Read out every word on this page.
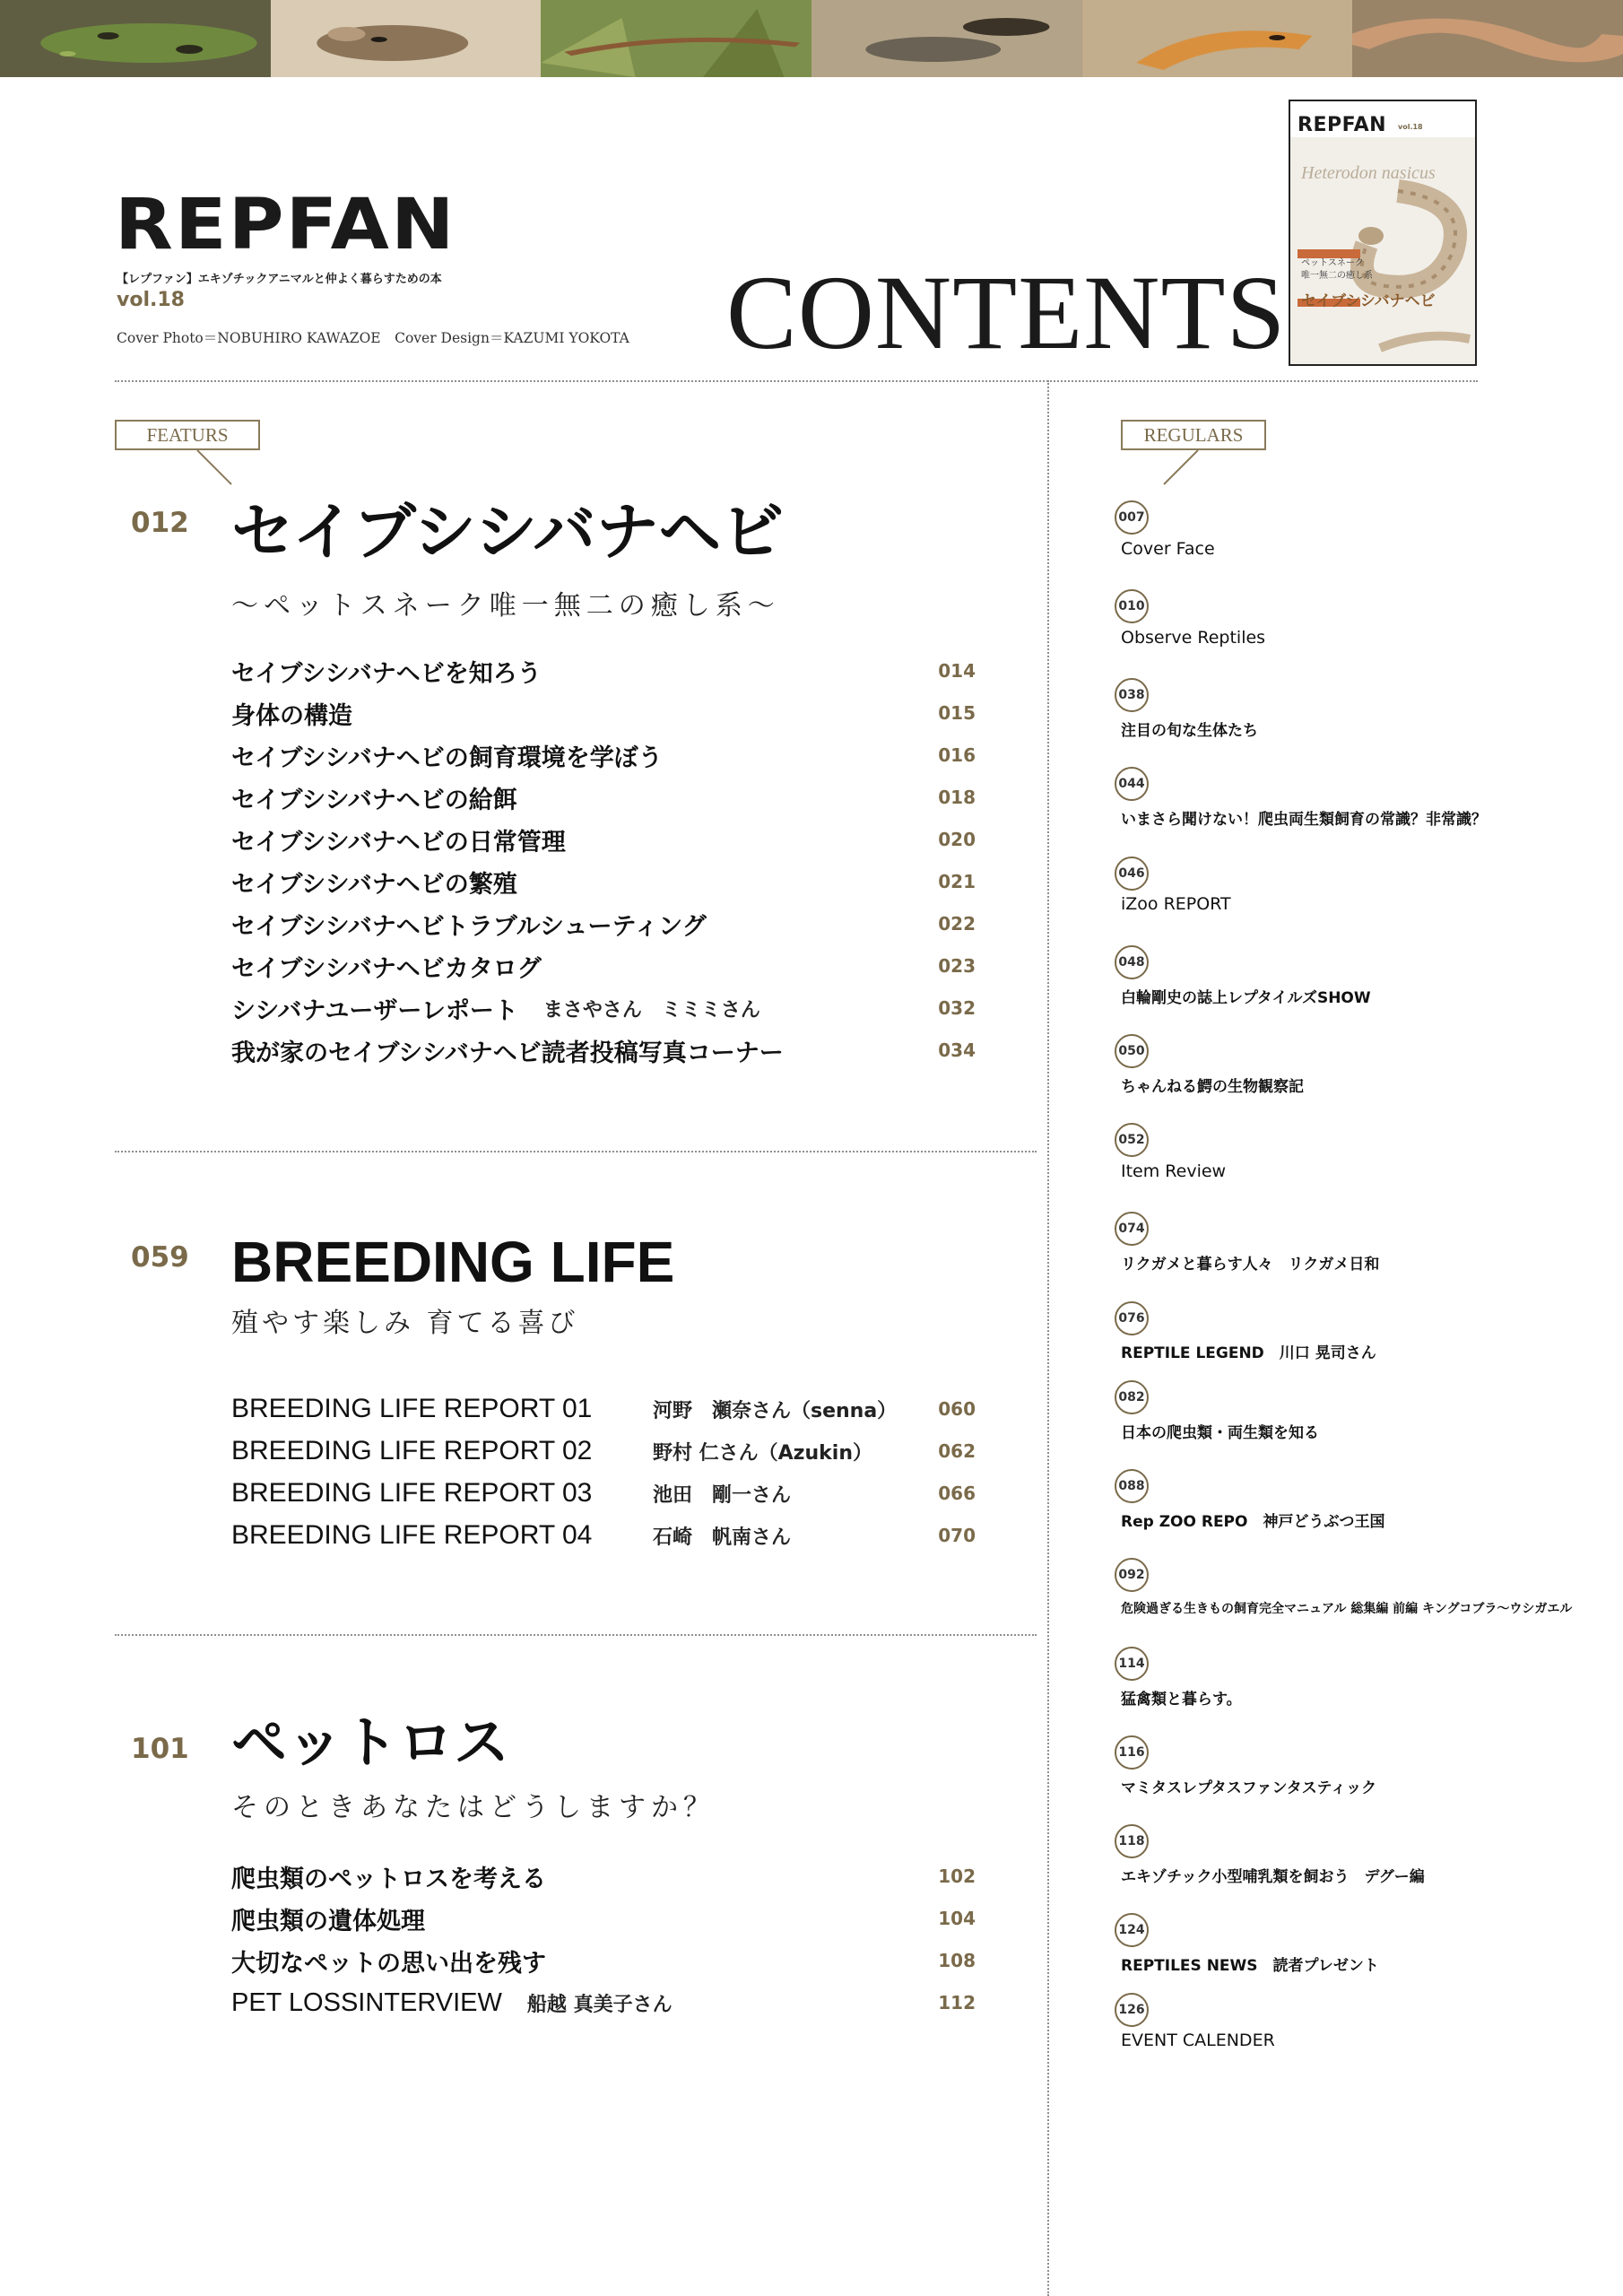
REPFAN
【レプファン】エキゾチックアニマルと仲よく暮らすための本
vol.18
Cover Photo＝NOBUHIRO KAWAZOE　Cover Design＝KAZUMI YOKOTA CONTENTS
REPFAN vol.18
Heterodon nasicus
ペットスネーク
唯一無二の癒し系
セイブシシバナヘビ
FEATURS	REGULARS
012 セイブシシバナヘビ
～ペットスネーク唯一無二の癒し系～
セイブシシバナヘビを知ろう	014
身体の構造	015
セイブシシバナヘビの飼育環境を学ぼう	016
セイブシシバナヘビの給餌	018
セイブシシバナヘビの日常管理	020
セイブシシバナヘビの繁殖	021
セイブシシバナヘビトラブルシューティング	022
セイブシシバナヘビカタログ	023
シシバナユーザーレポート まさやさん　ミミミさん	032
我が家のセイブシシバナヘビ読者投稿写真コーナー	034
059 BREEDING LIFE
殖やす楽しみ 育てる喜び
BREEDING LIFE REPORT 01	河野　瀬奈さん（senna） 060
BREEDING LIFE REPORT 02	野村 仁さん（Azukin）	062
BREEDING LIFE REPORT 03	池田　剛一さん	066
BREEDING LIFE REPORT 04	石崎　帆南さん	070
101 ペットロス
そのときあなたはどうしますか？
爬虫類のペットロスを考える	102
爬虫類の遺体処理	104
大切なペットの思い出を残す	108
PET LOSSINTERVIEW 船越 真美子さん	112
007
Cover Face
010
Observe Reptiles
038
注目の旬な生体たち
044
いまさら聞けない！爬虫両生類飼育の常識？非常識？
046
iZoo REPORT
048
白輪剛史の誌上レプタイルズSHOW
050
ちゃんねる鰐の生物観察記
052
Item Review
074
リクガメと暮らす人々　リクガメ日和
076
REPTILE LEGEND　川口 晃司さん
082
日本の爬虫類・両生類を知る
088
Rep ZOO REPO　神戸どうぶつ王国
092
危険過ぎる生きもの飼育完全マニュアル 総集編 前編 キングコブラ～ウシガエル
114
猛禽類と暮らす。
116
マミタスレプタスファンタスティック
118
エキゾチック小型哺乳類を飼おう　デグー編
124
REPTILES NEWS　読者プレゼント
126
EVENT CALENDER
